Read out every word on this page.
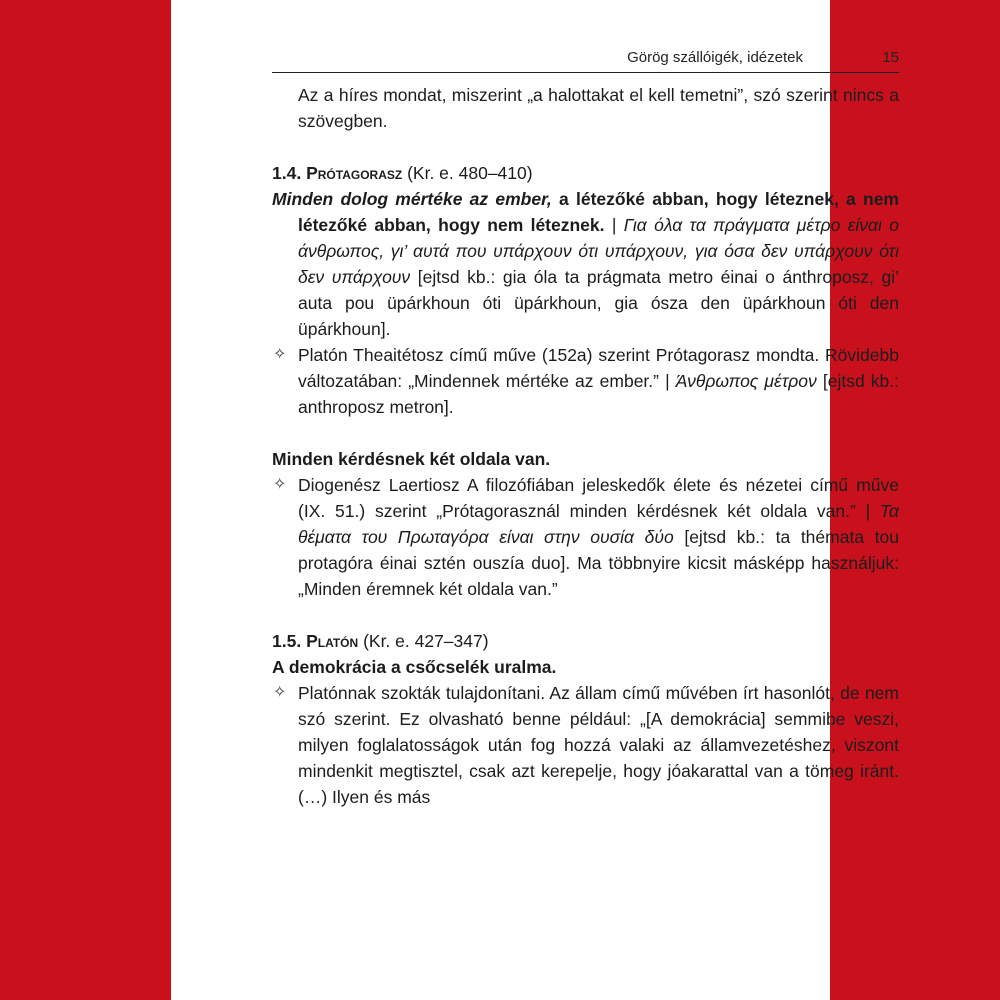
Görög szállóigék, idézetek	15

Az a híres mondat, miszerint „a halottakat el kell temetni”, szó szerint nincs a szövegben.

1.4. Prótagorasz (Kr. e. 480–410)

Minden dolog mértéke az ember, a létezőké abban, hogy léteznek, a nem létezőké abban, hogy nem léteznek. | Για όλα τα πράγματα μέτρο είναι ο άνθρωπος, γι’ αυτά που υπάρχουν ότι υπάρχουν, για όσα δεν υπάρχουν ότι δεν υπάρχουν [ejtsd kb.: gia óla ta prágmata metro éinai o ánthroposz, gi’ auta pou üpárkhoun óti üpárkhoun, gia ósza den üpárkhoun óti den üpárkhoun].

✧ Platón Theaitétosz című műve (152a) szerint Prótagorasz mondta. Rövidebb változatában: „Mindennek mértéke az ember.” | Άνθρωπος μέτρον [ejtsd kb.: anthroposz metron].

Minden kérdésnek két oldala van.

✧ Diogenész Laertiosz A filozófiában jeleskedők élete és nézetei című műve (IX. 51.) szerint „Prótagorasznál minden kérdésnek két oldala van.” | Τα θέματα του Πρωταγόρα είναι στην ουσία δύο [ejtsd kb.: ta thémata tou protagóra éinai sztén ouszía duo]. Ma többnyire kicsit másképp használjuk: „Minden éremnek két oldala van.”

1.5. Platón (Kr. e. 427–347)

A demokrácia a csőcselék uralma.

✧ Platónnak szokták tulajdonítani. Az állam című művében írt hasonlót, de nem szó szerint. Ez olvasható benne például: „[A demokrácia] semmibe veszi, milyen foglalatosságok után fog hozzá valaki az államvezetéshez, viszont mindenkit megtisztel, csak azt kerepelje, hogy jóakarattal van a tömeg iránt. (…) Ilyen és más
